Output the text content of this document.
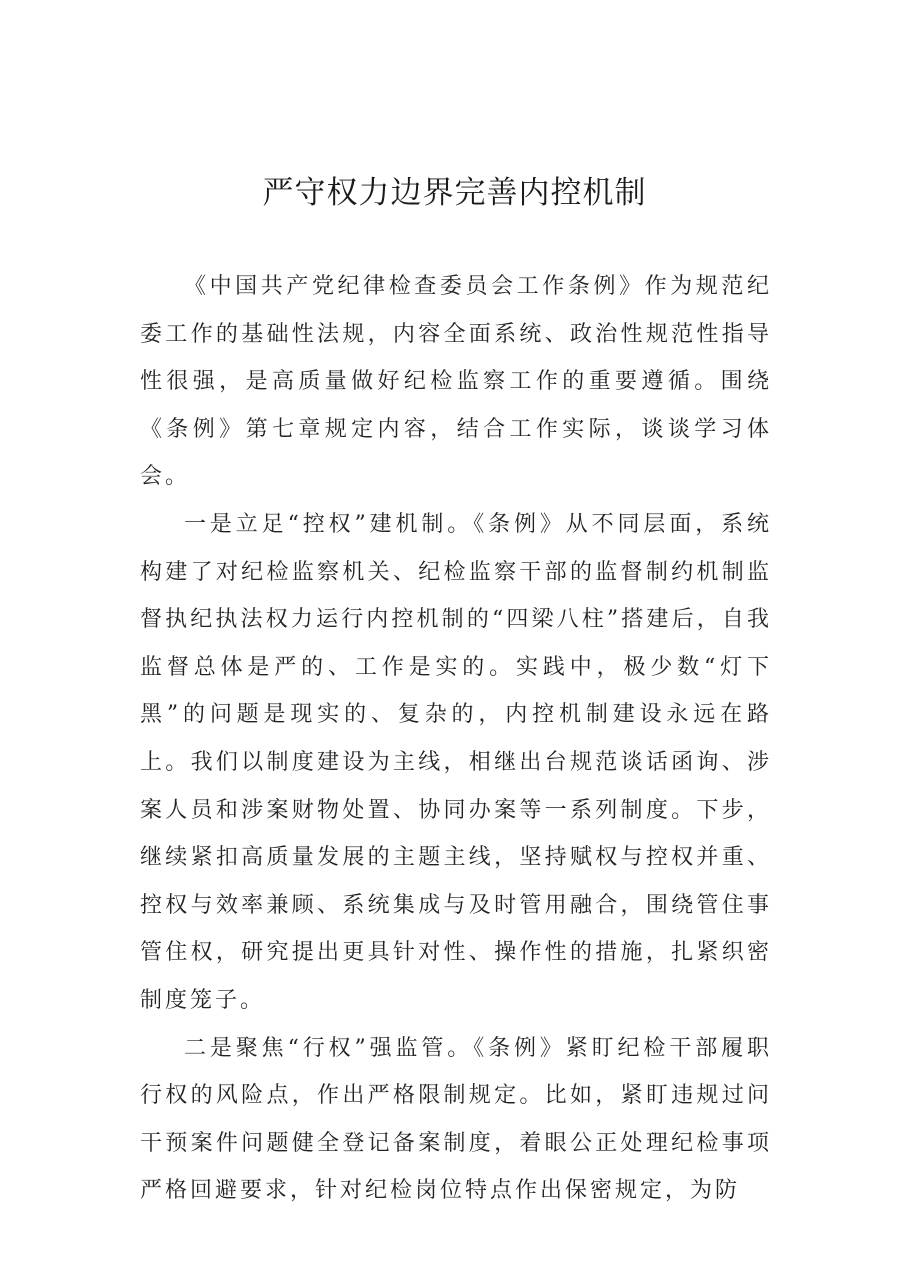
严守权力边界完善内控机制

《中国共产党纪律检查委员会工作条例》作为规范纪委工作的基础性法规，内容全面系统、政治性规范性指导性很强，是高质量做好纪检监察工作的重要遵循。围绕《条例》第七章规定内容，结合工作实际，谈谈学习体会。

一是立足“控权”建机制。《条例》从不同层面，系统构建了对纪检监察机关、纪检监察干部的监督制约机制监督执纪执法权力运行内控机制的“四梁八柱”搭建后，自我监督总体是严的、工作是实的。实践中，极少数“灯下黑”的问题是现实的、复杂的，内控机制建设永远在路上。我们以制度建设为主线，相继出台规范谈话函询、涉案人员和涉案财物处置、协同办案等一系列制度。下步，继续紧扣高质量发展的主题主线，坚持赋权与控权并重、控权与效率兼顾、系统集成与及时管用融合，围绕管住事管住权，研究提出更具针对性、操作性的措施，扎紧织密制度笼子。

二是聚焦“行权”强监管。《条例》紧盯纪检干部履职行权的风险点，作出严格限制规定。比如，紧盯违规过问干预案件问题健全登记备案制度，着眼公正处理纪检事项严格回避要求，针对纪检岗位特点作出保密规定，为防
